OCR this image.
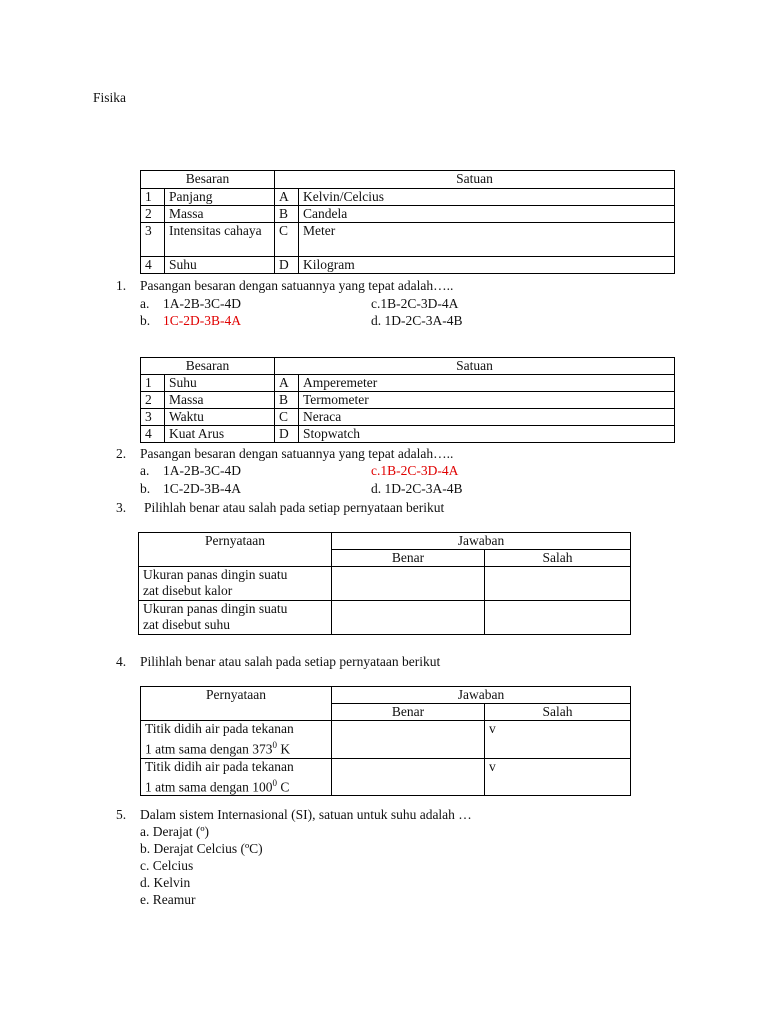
Fisika
Besaran		Satuan	
1	Panjang	A	Kelvin/Celcius
2	Massa	B	Candela
3	Intensitas cahaya	C	Meter
4	Suhu	D	Kilogram
1. Pasangan besaran dengan satuannya yang tepat adalah…..
a. 1A-2B-3C-4D	c.1B-2C-3D-4A
b. 1C-2D-3B-4A	d. 1D-2C-3A-4B
Besaran		Satuan	
1	Suhu	A	Amperemeter
2	Massa	B	Termometer
3	Waktu	C	Neraca
4	Kuat Arus	D	Stopwatch
2. Pasangan besaran dengan satuannya yang tepat adalah…..
a. 1A-2B-3C-4D	c.1B-2C-3D-4A
b. 1C-2D-3B-4A	d. 1D-2C-3A-4B
3. Pilihlah benar atau salah pada setiap pernyataan berikut
Pernyataan	Jawaban	
	Benar	Salah
Ukuran panas dingin suatu
zat disebut kalor		
Ukuran panas dingin suatu
zat disebut suhu		
4. Pilihlah benar atau salah pada setiap pernyataan berikut
Pernyataan	Jawaban	
	Benar	Salah
Titik didih air pada tekanan
1 atm sama dengan $373^0$ K		v
Titik didih air pada tekanan
1 atm sama dengan $100^0$ C		v
5. Dalam sistem Internasional (SI), satuan untuk suhu adalah …
a. Derajat (º)
b. Derajat Celcius (ºC)
c. Celcius
d. Kelvin
e. Reamur
